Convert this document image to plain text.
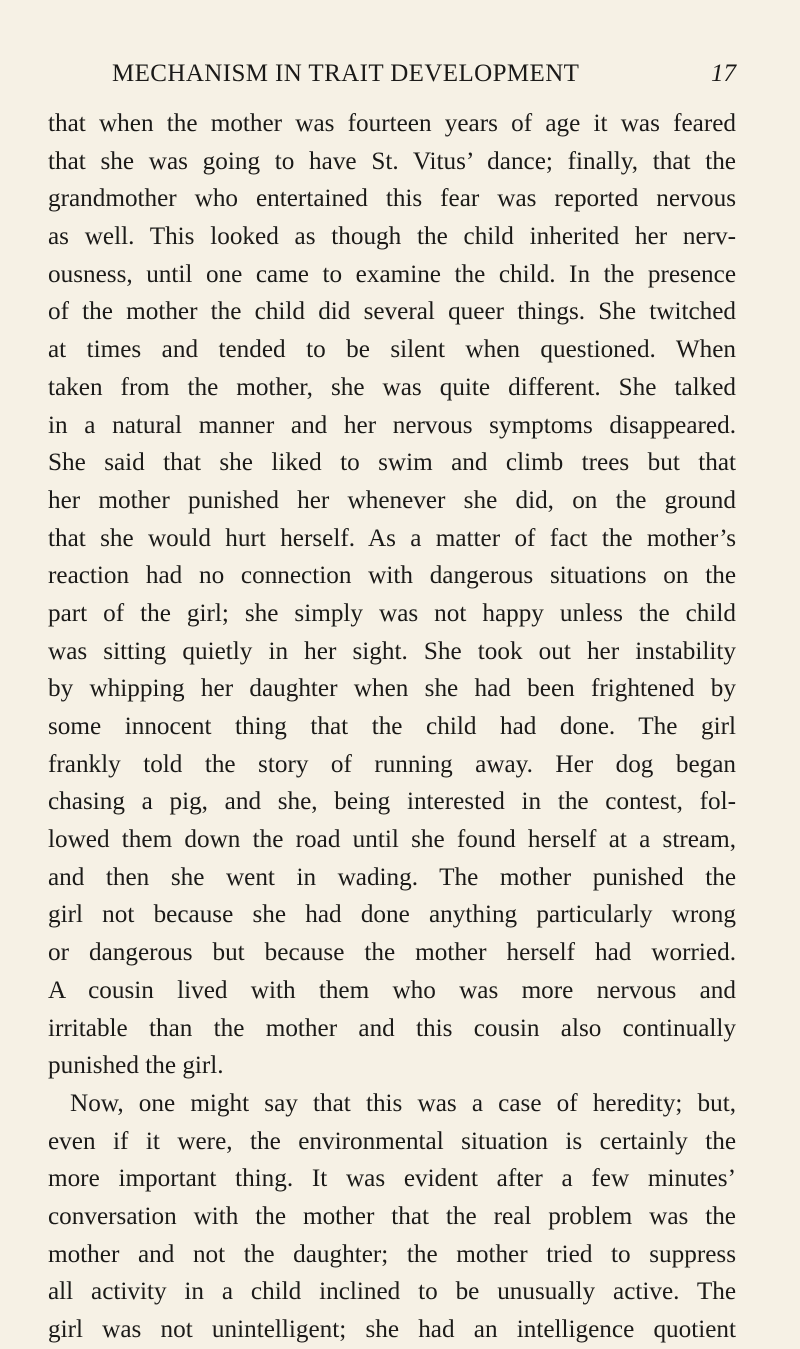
MECHANISM IN TRAIT DEVELOPMENT	17
that when the mother was fourteen years of age it was feared
that she was going to have St. Vitus’ dance; finally, that the
grandmother who entertained this fear was reported nervous
as well. This looked as though the child inherited her nerv-
ousness, until one came to examine the child. In the presence
of the mother the child did several queer things. She twitched
at times and tended to be silent when questioned. When
taken from the mother, she was quite different. She talked
in a natural manner and her nervous symptoms disappeared.
She said that she liked to swim and climb trees but that
her mother punished her whenever she did, on the ground
that she would hurt herself. As a matter of fact the mother’s
reaction had no connection with dangerous situations on the
part of the girl; she simply was not happy unless the child
was sitting quietly in her sight. She took out her instability
by whipping her daughter when she had been frightened by
some innocent thing that the child had done. The girl
frankly told the story of running away. Her dog began
chasing a pig, and she, being interested in the contest, fol-
lowed them down the road until she found herself at a stream,
and then she went in wading. The mother punished the
girl not because she had done anything particularly wrong
or dangerous but because the mother herself had worried.
A cousin lived with them who was more nervous and
irritable than the mother and this cousin also continually
punished the girl.
Now, one might say that this was a case of heredity; but,
even if it were, the environmental situation is certainly the
more important thing. It was evident after a few minutes’
conversation with the mother that the real problem was the
mother and not the daughter; the mother tried to suppress
all activity in a child inclined to be unusually active. The
girl was not unintelligent; she had an intelligence quotient
